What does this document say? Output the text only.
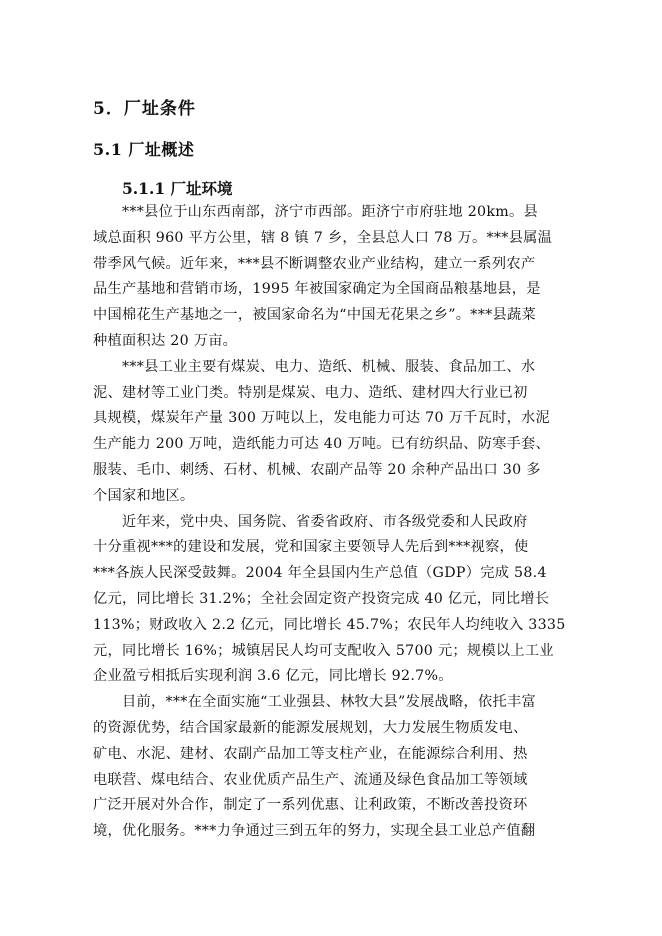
5．厂址条件
5.1 厂址概述
5.1.1 厂址环境
***县位于山东西南部，济宁市西部。距济宁市府驻地 20km。县
域总面积 960 平方公里，辖 8 镇 7 乡，全县总人口 78 万。***县属温
带季风气候。近年来，***县不断调整农业产业结构，建立一系列农产
品生产基地和营销市场，1995 年被国家确定为全国商品粮基地县，是
中国棉花生产基地之一，被国家命名为“中国无花果之乡”。***县蔬菜
种植面积达 20 万亩。
***县工业主要有煤炭、电力、造纸、机械、服装、食品加工、水
泥、建材等工业门类。特别是煤炭、电力、造纸、建材四大行业已初
具规模，煤炭年产量 300 万吨以上，发电能力可达 70 万千瓦时，水泥
生产能力 200 万吨，造纸能力可达 40 万吨。已有纺织品、防寒手套、
服装、毛巾、刺绣、石材、机械、农副产品等 20 余种产品出口 30 多
个国家和地区。
近年来，党中央、国务院、省委省政府、市各级党委和人民政府
十分重视***的建设和发展，党和国家主要领导人先后到***视察，使
***各族人民深受鼓舞。2004 年全县国内生产总值（GDP）完成 58.4
亿元，同比增长 31.2%；全社会固定资产投资完成 40 亿元，同比增长
113%；财政收入 2.2 亿元，同比增长 45.7%；农民年人均纯收入 3335
元，同比增长 16%；城镇居民人均可支配收入 5700 元；规模以上工业
企业盈亏相抵后实现利润 3.6 亿元，同比增长 92.7%。
目前，***在全面实施“工业强县、林牧大县”发展战略，依托丰富
的资源优势，结合国家最新的能源发展规划，大力发展生物质发电、
矿电、水泥、建材、农副产品加工等支柱产业，在能源综合利用、热
电联营、煤电结合、农业优质产品生产、流通及绿色食品加工等领域
广泛开展对外合作，制定了一系列优惠、让利政策，不断改善投资环
境，优化服务。***力争通过三到五年的努力，实现全县工业总产值翻
